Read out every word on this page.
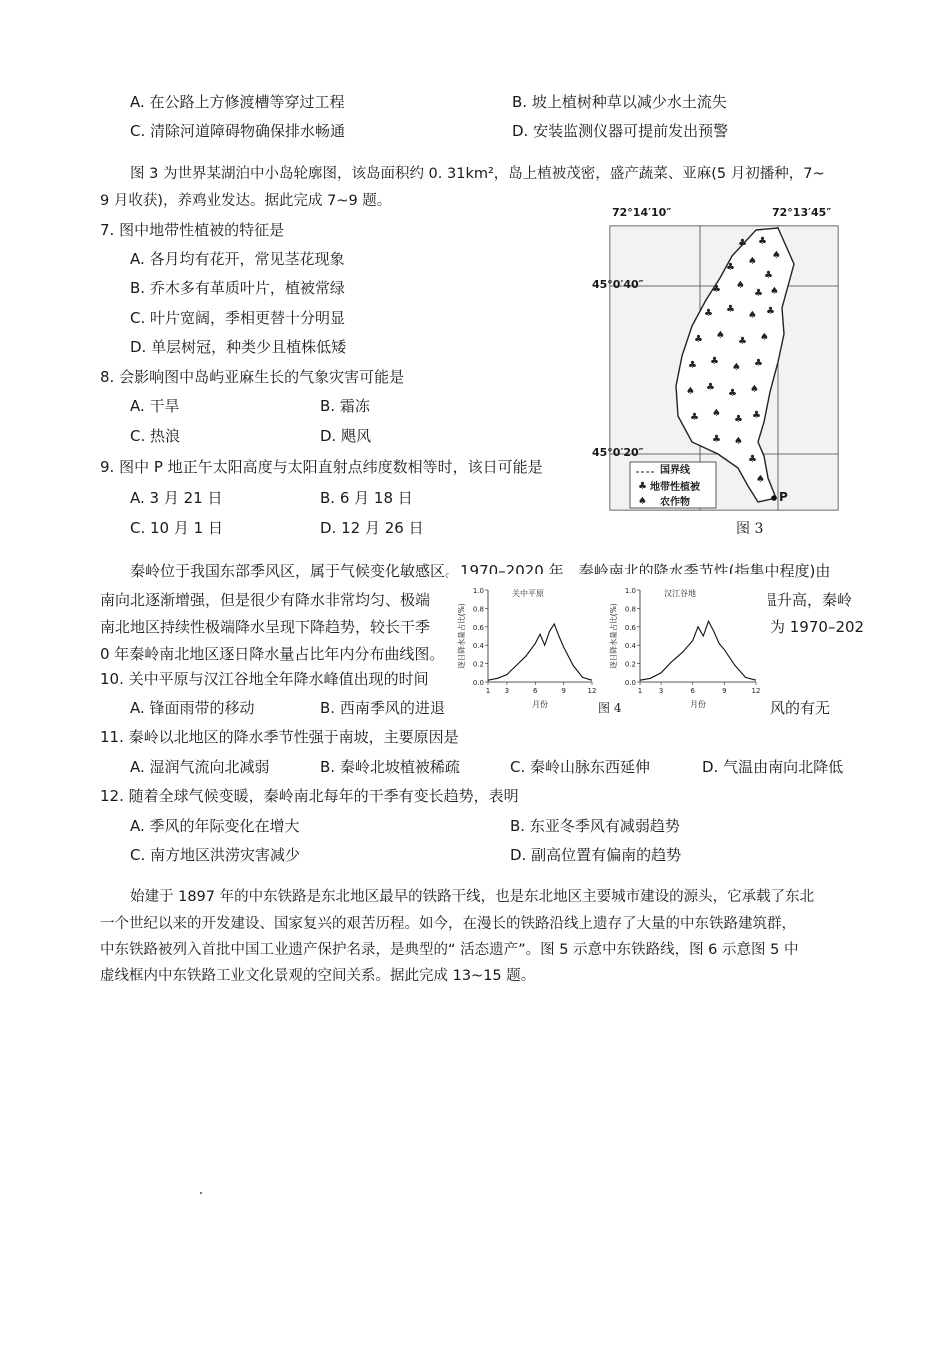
A. 在公路上方修渡槽等穿过工程	B. 坡上植树种草以减少水土流失
C. 清除河道障碍物确保排水畅通	D. 安装监测仪器可提前发出预警
图 3 为世界某湖泊中小岛轮廓图，该岛面积约 0. 31km²，岛上植被茂密，盛产蔬菜、亚麻(5 月初播种，7~
9 月收获)，养鸡业发达。据此完成 7~9 题。
7. 图中地带性植被的特征是
A. 各月均有花开，常见茎花现象
B. 乔木多有革质叶片，植被常绿
C. 叶片宽阔，季相更替十分明显
D. 单层树冠，种类少且植株低矮
8. 会影响图中岛屿亚麻生长的气象灾害可能是
A. 干旱	B. 霜冻
C. 热浪	D. 飓风
9. 图中 P 地正午太阳高度与太阳直射点纬度数相等时，该日可能是
A. 3 月 21 日	B. 6 月 18 日
C. 10 月 1 日	D. 12 月 26 日
♣ ♣
♠
♣
♠
♣
♣ ♠
♣ ♠
♣ ♣
♠ ♣
♣ ♠
♣ ♠
♣ ♣
♠ ♣
♠ ♣
♣ ♠
♣ ♠
♣ ♣
♣ ♠
♣
♠
♣
♠
72°14′10″	72°13′45″
45°0′40″
45°0′20″
国界线
地带性植被
农作物	P
图 3
秦岭位于我国东部季风区，属于气候变化敏感区。1970–2020 年，秦岭南北的降水季节性(指集中程度)由
南向北逐渐增强，但是很少有降水非常均匀、极端	温升高，秦岭
南北地区持续性极端降水呈现下降趋势，较长干季	为 1970–202
0 年秦岭南北地区逐日降水量占比年内分布曲线图。
10. 关中平原与汉江谷地全年降水峰值出现的时间
A. 锋面雨带的移动	B. 西南季风的进退	风的有无
0.0
0.2
0.4
0.6
0.8
1.0
1 3	6	9	12
关中平原
月份
逐日降水量占比(%)
0.0
0.2
0.4
0.6
0.8
1.0
1 3	6	9	12
汉江谷地
月份
逐日降水量占比(%)
图 4
11. 秦岭以北地区的降水季节性强于南坡，主要原因是
A. 湿润气流向北减弱	B. 秦岭北坡植被稀疏	C. 秦岭山脉东西延伸	D. 气温由南向北降低
12. 随着全球气候变暖，秦岭南北每年的干季有变长趋势，表明
A. 季风的年际变化在增大	B. 东亚冬季风有减弱趋势
C. 南方地区洪涝灾害减少	D. 副高位置有偏南的趋势
始建于 1897 年的中东铁路是东北地区最早的铁路干线，也是东北地区主要城市建设的源头，它承载了东北
一个世纪以来的开发建设、国家复兴的艰苦历程。如今，在漫长的铁路沿线上遗存了大量的中东铁路建筑群，
中东铁路被列入首批中国工业遗产保护名录，是典型的“ 活态遗产”。图 5 示意中东铁路线，图 6 示意图 5 中
虚线框内中东铁路工业文化景观的空间关系。据此完成 13~15 题。
